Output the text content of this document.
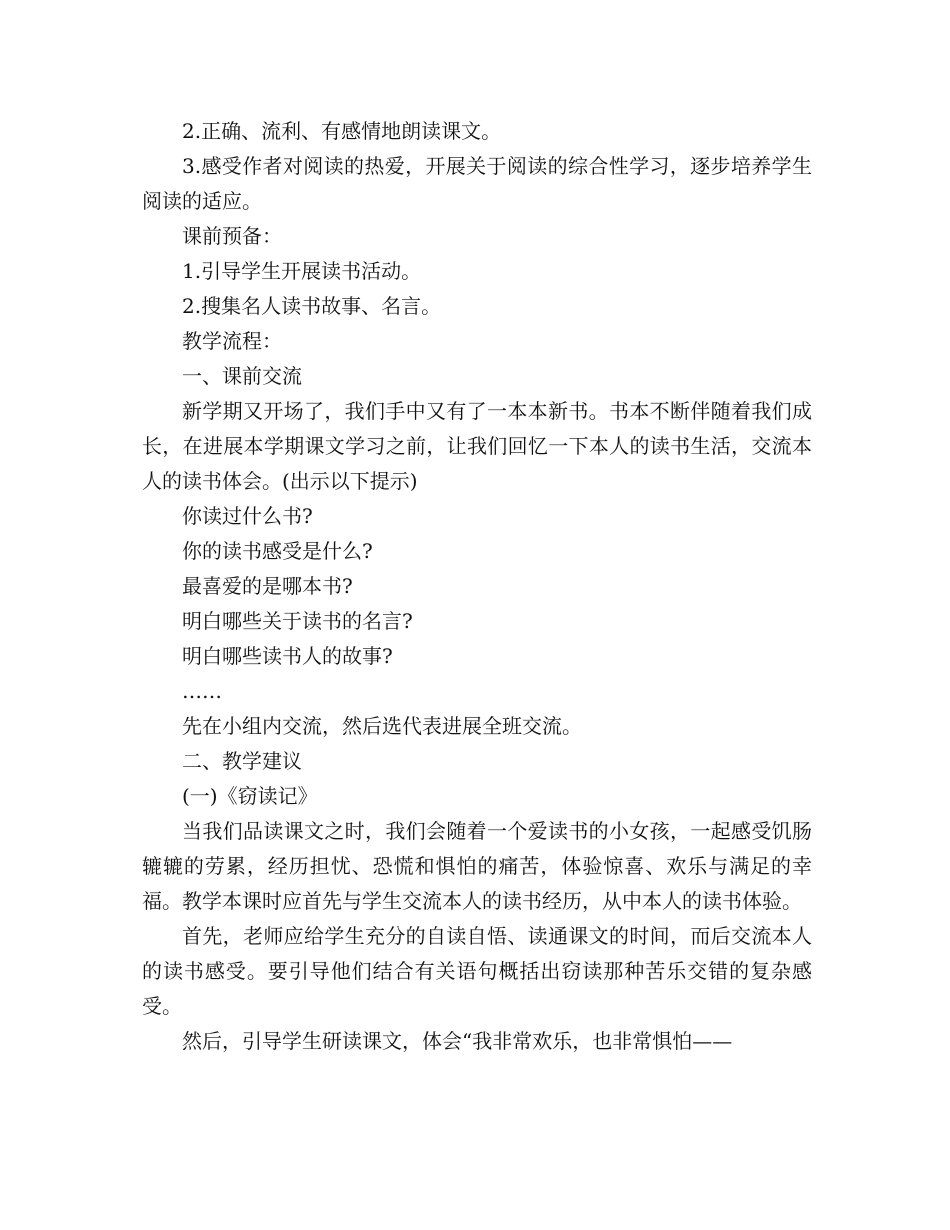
2.正确、流利、有感情地朗读课文。

3.感受作者对阅读的热爱，开展关于阅读的综合性学习，逐步培养学生阅读的适应。

课前预备：

1.引导学生开展读书活动。

2.搜集名人读书故事、名言。

教学流程：

一、课前交流

新学期又开场了，我们手中又有了一本本新书。书本不断伴随着我们成长，在进展本学期课文学习之前，让我们回忆一下本人的读书生活，交流本人的读书体会。(出示以下提示)

你读过什么书?

你的读书感受是什么?

最喜爱的是哪本书?

明白哪些关于读书的名言?

明白哪些读书人的故事?

……

先在小组内交流，然后选代表进展全班交流。

二、教学建议

(一)《窃读记》

当我们品读课文之时，我们会随着一个爱读书的小女孩，一起感受饥肠辘辘的劳累，经历担忧、恐慌和惧怕的痛苦，体验惊喜、欢乐与满足的幸福。教学本课时应首先与学生交流本人的读书经历，从中本人的读书体验。

首先，老师应给学生充分的自读自悟、读通课文的时间，而后交流本人的读书感受。要引导他们结合有关语句概括出窃读那种苦乐交错的复杂感受。

然后，引导学生研读课文，体会“我非常欢乐，也非常惧怕——
